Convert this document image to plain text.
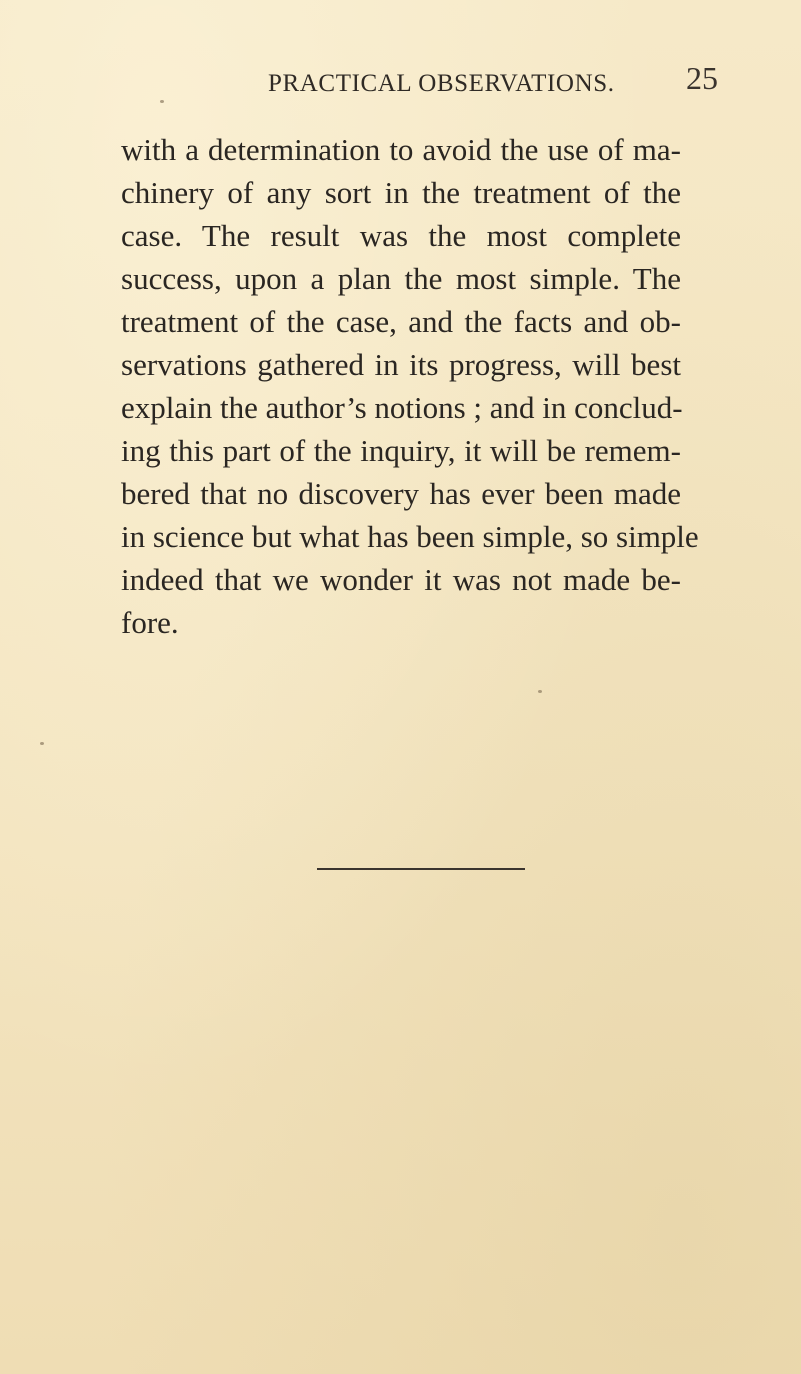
PRACTICAL OBSERVATIONS. 25
with a determination to avoid the use of ma-
chinery of any sort in the treatment of the
case. The result was the most complete
success, upon a plan the most simple. The
treatment of the case, and the facts and ob-
servations gathered in its progress, will best
explain the author’s notions ; and in conclud-
ing this part of the inquiry, it will be remem-
bered that no discovery has ever been made
in science but what has been simple, so simple
indeed that we wonder it was not made be-
fore.
